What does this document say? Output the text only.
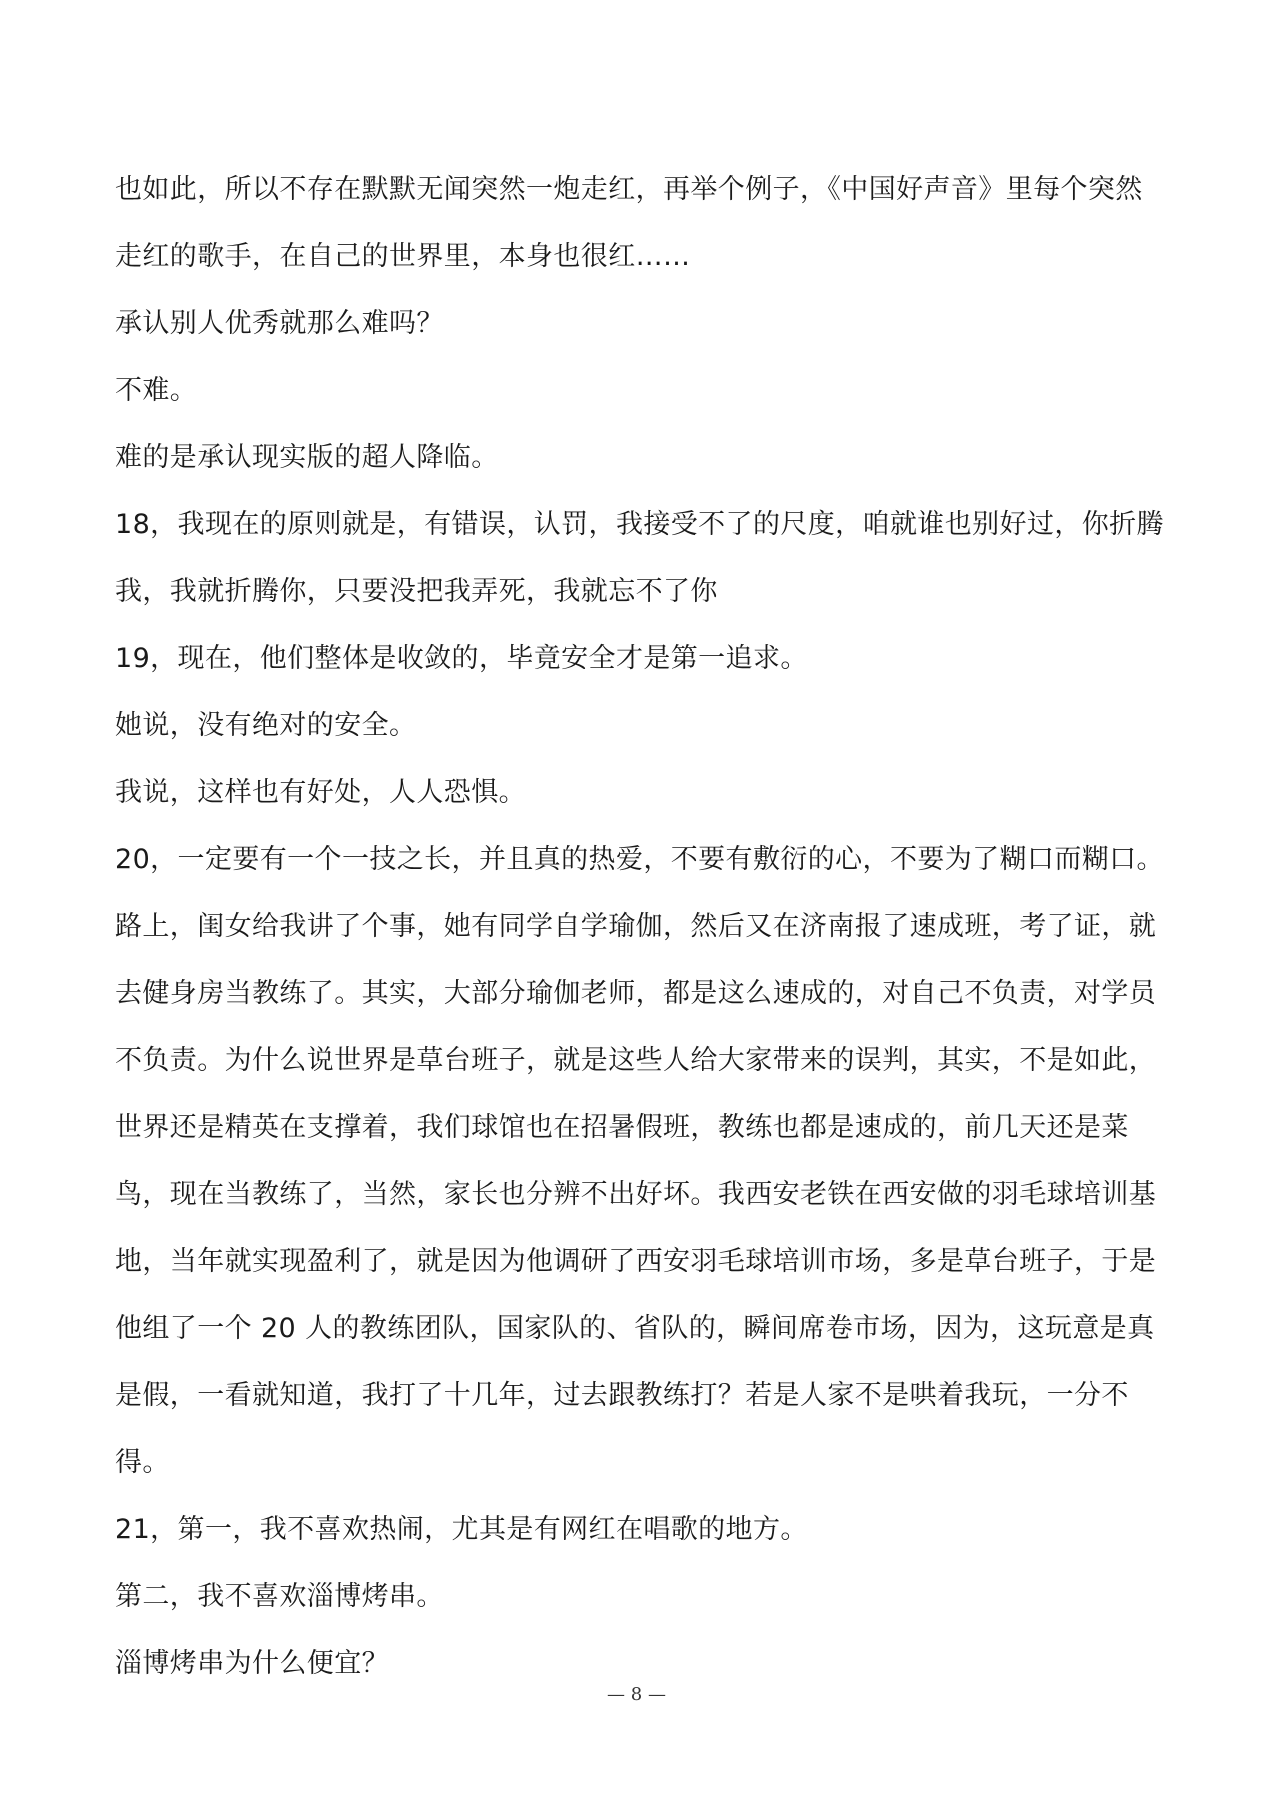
也如此，所以不存在默默无闻突然一炮走红，再举个例子，《中国好声音》里每个突然走红的歌手，在自己的世界里，本身也很红……

承认别人优秀就那么难吗？

不难。

难的是承认现实版的超人降临。

18，我现在的原则就是，有错误，认罚，我接受不了的尺度，咱就谁也别好过，你折腾我，我就折腾你，只要没把我弄死，我就忘不了你

19，现在，他们整体是收敛的，毕竟安全才是第一追求。

她说，没有绝对的安全。

我说，这样也有好处，人人恐惧。

20，一定要有一个一技之长，并且真的热爱，不要有敷衍的心，不要为了糊口而糊口。路上，闺女给我讲了个事，她有同学自学瑜伽，然后又在济南报了速成班，考了证，就去健身房当教练了。其实，大部分瑜伽老师，都是这么速成的，对自己不负责，对学员不负责。为什么说世界是草台班子，就是这些人给大家带来的误判，其实，不是如此，世界还是精英在支撑着，我们球馆也在招暑假班，教练也都是速成的，前几天还是菜鸟，现在当教练了，当然，家长也分辨不出好坏。我西安老铁在西安做的羽毛球培训基地，当年就实现盈利了，就是因为他调研了西安羽毛球培训市场，多是草台班子，于是他组了一个 20 人的教练团队，国家队的、省队的，瞬间席卷市场，因为，这玩意是真是假，一看就知道，我打了十几年，过去跟教练打？若是人家不是哄着我玩，一分不得。

21，第一，我不喜欢热闹，尤其是有网红在唱歌的地方。

第二，我不喜欢淄博烤串。

淄博烤串为什么便宜？

— 8 —
